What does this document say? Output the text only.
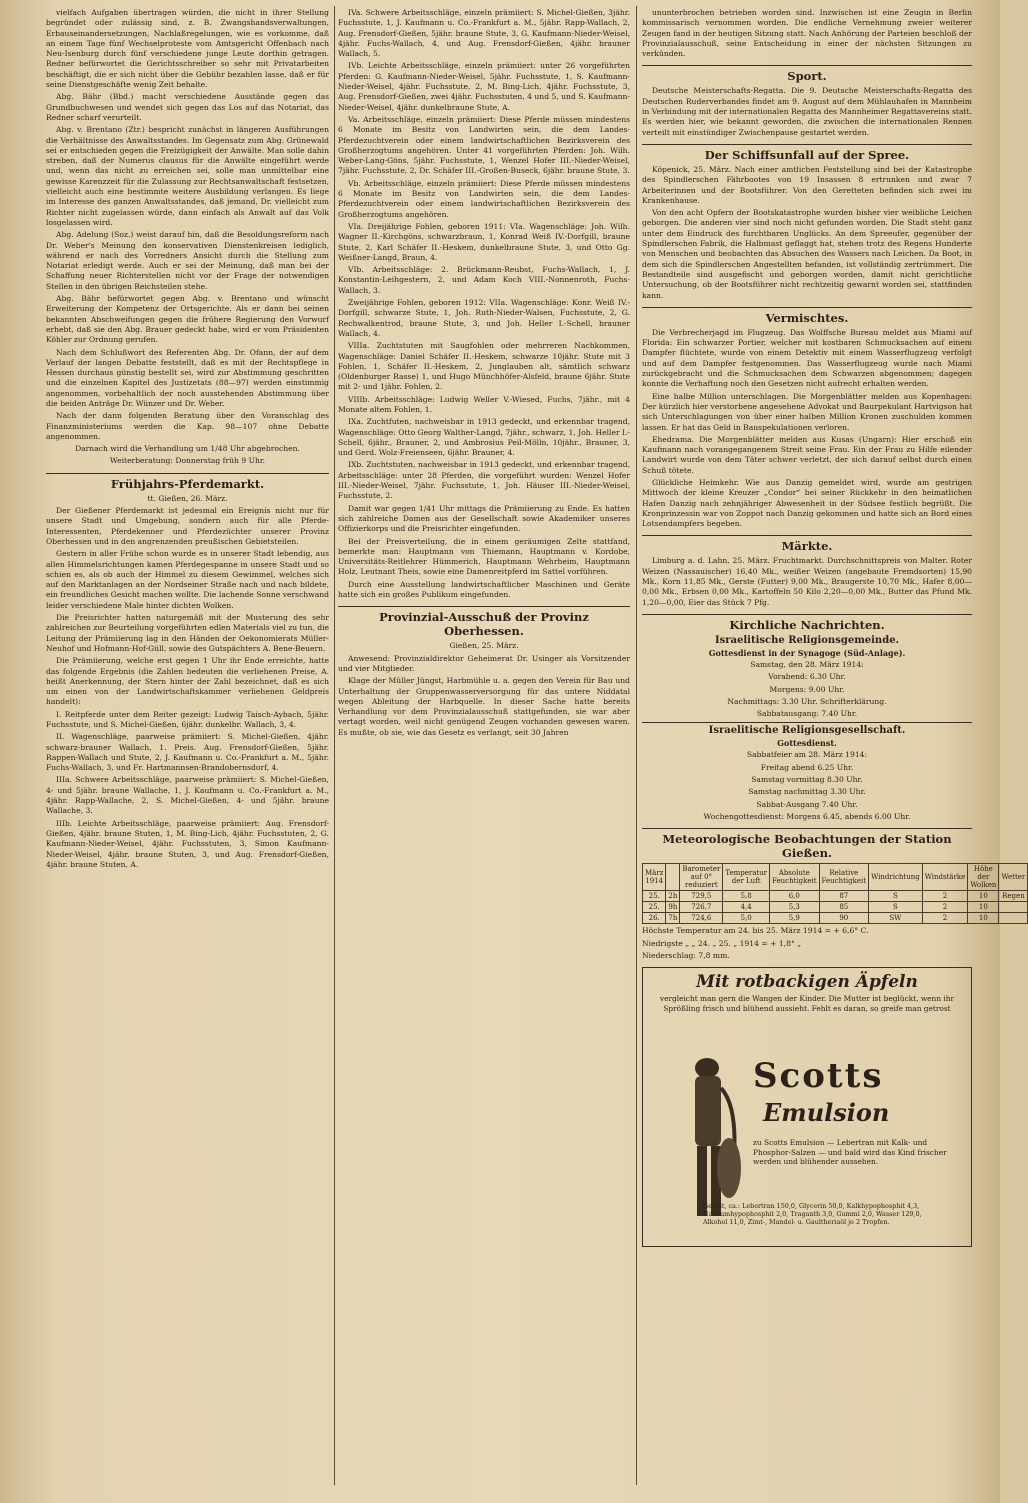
vielfach Aufgaben übertragen würden, die nicht in ihrer Stellung begründet oder zulässig sind, z. B. Zwangshandsverwaltungen, Erbauseinandersetzungen, Nachlaßregelungen, wie es vorkomme, daß an einem Tage fünf Wechselproteste vom Amtsgericht Offenbach nach Neu-Isenburg durch fünf verschiedene junge Leute dorthin getragen. Redner befürwortet die Gerichtsschreiber so sehr mit Privatarbeiten beschäftigt, die er sich nicht über die Gebühr bezahlen lasse, daß er für seine Dienstgeschäfte wenig Zeit behalte.

Abg. Bähr (Bbd.) macht verschiedene Ausstände gegen das Grundbuchwesen und wendet sich gegen das Los auf das Notariat, das Redner scharf verurteilt.

Abg. v. Brentano (Ztr.) bespricht zunächst in längeren Ausführungen die Verhältnisse des Anwaltsstandes. Im Gegensatz zum Abg. Grünewald sei er entschieden gegen die Freizügigkeit der Anwälte. Man solle dahin streben, daß der Numerus clausus für die Anwälte eingeführt werde und, wenn das nicht zu erreichen sei, solle man unmittelbar eine gewisse Karenzzeit für die Zulassung zur Rechtsanwaltschaft festsetzen, vielleicht auch eine bestimmte weitere Ausbildung verlangen. Es liege im Interesse des ganzen Anwaltsstandes, daß jemand, Dr. vielleicht zum Richter nicht zugelassen würde, dann einfach als Anwalt auf das Volk losgelassen wird.

Abg. Adelung (Soz.) weist darauf hin, daß die Besoldungsreform nach Dr. Weber's Meinung den konservativen Dienstenkreisen lediglich, während er nach des Vorredners Ansicht durch die Stellung zum Notariat erledigt werde. Auch er sei der Meinung, daß man bei der Schaffung neuer Richterstellen nicht vor der Frage der notwendigen Stellen in den übrigen Reichsteilen stehe.

Abg. Bähr befürwortet gegen Abg. v. Brentano und wünscht Erweiterung der Kompetenz der Ortsgerichte. Als er dann bei seinen bekannten Abschweifungen gegen die frühere Regierung den Vorwurf erhebt, daß sie den Abg. Brauer gedeckt habe, wird er vom Präsidenten Köhler zur Ordnung gerufen.

Nach dem Schlußwort des Referenten Abg. Dr. Ofann, der auf dem Verlauf der langen Debatte feststellt, daß es mit der Rechtspflege in Hessen durchaus günstig bestellt sei, wird zur Abstimmung geschritten und die einzelnen Kapitel des Justizetats (88—97) werden einstimmig angenommen, vorbehaltlich der noch ausstehenden Abstimmung über die beiden Anträge Dr. Wünzer und Dr. Weber.

Nach der dann folgenden Beratung über den Voranschlag des Finanzministeriums werden die Kap. 98—107 ohne Debatte angenommen.

Darnach wird die Verhandlung um 1/48 Uhr abgebrochen.

Weiterberatung: Donnerstag früh 9 Uhr.

Frühjahrs-Pferdemarkt.

tt. Gießen, 26. März.

Der Gießener Pferdemarkt ist jedesmal ein Ereignis nicht nur für unsere Stadt und Umgebung, sondern auch für alle Pferde-Interessenten, Pferdekenner und Pferdezüchter unserer Provinz Oberhessen und in den angrenzenden preußischen Gebietsteilen.

Gestern in aller Frühe schon wurde es in unserer Stadt lebendig, aus allen Himmelsrichtungen kamen Pferdegespanne in unsere Stadt und so schien es, als ob auch der Himmel zu diesem Gewimmel, welches sich auf den Marktanlagen an der Nordseiner Straße nach und nach bildete, ein freundliches Gesicht machen wollte. Die lachende Sonne verschwand leider verschiedene Male hinter dichten Wolken.

Die Preisrichter hatten naturgemäß mit der Musterung des sehr zahlreichen zur Beurteilung vorgeführten edlen Materials viel zu tun, die Leitung der Prämiierung lag in den Händen der Oekonomierats Müller-Neuhof und Hofmann-Hof-Güll, sowie des Gutspächters A. Bene-Beuern.

Die Prämiierung, welche erst gegen 1 Uhr ihr Ende erreichte, hatte das folgende Ergebnis (die Zahlen bedeuten die verliehenen Preise, A. heißt Anerkennung, der Stern hinter der Zahl bezeichnet, daß es sich um einen von der Landwirtschaftskammer verliehenen Geldpreis handelt):

I. Reitpferde unter dem Reiter gezeigt: Ludwig Taisch-Aybach, 5jähr. Fuchsstute, und S. Michel-Gießen, 6jähr. dunkelbr. Wallach, 3, 4.

II. Wagenschläge, paarweise prämiiert: S. Michel-Gießen, 4jähr. schwarz-brauner Wallach, 1. Preis. Aug. Frensdorf-Gießen, 5jähr. Rappen-Wallach und Stute, 2, J. Kaufmann u. Co.-Frankfurt a. M., 5jähr. Fuchs-Wallach, 3, und Fr. Hartmannsen-Brandobernsdorf, 4.

IIIa. Schwere Arbeitsschläge, paarweise prämiiert: S. Michel-Gießen, 4- und 5jähr. braune Wallache, 1, J. Kaufmann u. Co.-Frankfurt a. M., 4jähr. Rapp-Wallache, 2, S. Michel-Gießen, 4- und 5jähr. braune Wallache, 3.

IIIb. Leichte Arbeitsschläge, paarweise prämiiert: Aug. Frensdorf-Gießen, 4jähr. braune Stuten, 1, M. Bing-Lich, 4jähr. Fuchsstuten, 2, G. Kaufmann-Nieder-Weisel, 4jähr. Fuchsstuten, 3, Simon Kaufmann-Nieder-Weisel, 4jähr. braune Stuten, 3, und Aug. Frensdorf-Gießen, 4jähr. braune Stuten, A.

IVa. Schwere Arbeitsschläge, einzeln prämiiert: S. Michel-Gießen, 3jähr. Fuchsstute, 1, J. Kaufmann u. Co.-Frankfurt a. M., 5jähr. Rapp-Wallach, 2, Aug. Frensdorf-Gießen, 5jähr. braune Stute, 3, G. Kaufmann-Nieder-Weisel, 4jähr. Fuchs-Wallach, 4, und Aug. Frensdorf-Gießen, 4jähr. brauner Wallach, 5.

IVb. Leichte Arbeitsschläge, einzeln prämiiert: unter 26 vorgeführten Pferden: G. Kaufmann-Nieder-Weisel, 5jähr. Fuchsstute, 1, S. Kaufmann-Nieder-Weisel, 4jähr. Fuchsstute, 2, M. Bing-Lich, 4jähr. Fuchsstute, 3, Aug. Frensdorf-Gießen, zwei 4jähr. Fuchsstuten, 4 und 5, und S. Kaufmann-Nieder-Weisel, 4jähr. dunkelbraune Stute, A.

Va. Arbeitsschläge, einzeln prämiiert: Diese Pferde müssen mindestens 6 Monate im Besitz von Landwirten sein, die dem Landes-Pferdezuchtverein oder einem landwirtschaftlichen Bezirksverein des Großherzogtums angehören. Unter 41 vorgeführten Pferden: Joh. Wilh. Weber-Lang-Göns, 5jähr. Fuchsstute, 1, Wenzel Hofer III.-Nieder-Weisel, 7jähr. Fuchsstute, 2, Dr. Schäfer III.-Großen-Buseck, 6jähr. braune Stute, 3.

Vb. Arbeitsschläge, einzeln prämiiert: Diese Pferde müssen mindestens 6 Monate im Besitz von Landwirten sein, die dem Landes-Pferdezuchtverein oder einem landwirtschaftlichen Bezirksverein des Großherzogtums angehören.

VIa. Dreijährige Fohlen, geboren 1911: VIa. Wagenschläge: Joh. Wilh. Wagner II.-Kirchgöns, schwarzbraun, 1, Konrad Weiß IV.-Dorfgill, braune Stute, 2, Karl Schäfer II.-Heskem, dunkelbraune Stute, 3, und Otto Gg. Weißner-Langd, Braun, 4.

VIb. Arbeitsschläge: 2. Brückmann-Reubst, Fuchs-Wallach, 1, J. Konstantin-Leihgestern, 2, und Adam Koch VIII.-Nonnenroth, Fuchs-Wallach, 3.

Zweijährige Fohlen, geboren 1912: VIIa. Wagenschläge: Konr. Weiß IV.-Dorfgill, schwarze Stute, 1, Joh. Ruth-Nieder-Walsen, Fuchsstute, 2, G. Rechwalkentrod, braune Stute, 3, und Joh. Heller I.-Schell, brauner Wallach, 4.

VIIIa. Zuchtstuten mit Saugfohlen oder mehrreren Nachkommen, Wagenschläge: Daniel Schäfer II.-Heskem, schwarze 10jähr. Stute mit 3 Fohlen, 1, Schäfer II.-Heskem, 2, Junglauben alt, sämtlich schwarz (Oldenburger Rasse) 1, und Hugo Münchhöfer-Alsfeld, braune 6jähr. Stute mit 2- und 1jähr. Fohlen, 2.

VIIIb. Arbeitsschläge: Ludwig Weller V.-Wiesed, Fuchs, 7jähr., mit 4 Monate altem Fohlen, 1.

IXa. Zuchtfuten, nachweisbar in 1913 gedeckt, und erkennbar tragend, Wagenschläge: Otto Georg Walther-Langd, 7jähr., schwarz, 1, Joh. Heller I.-Schell, 6jähr., Brauner, 2, und Ambrosius Peil-Mölln, 10jähr., Brauner, 3, und Gerd. Wolz-Freienseen, 6jähr. Brauner, 4.

IXb. Zuchtstuten, nachweisbar in 1913 gedeckt, und erkennbar tragend, Arbeitsschläge: unter 28 Pferden, die vorgeführt wurden: Wenzel Hofer III.-Nieder-Weisel, 7jähr. Fuchsstute, 1, Joh. Häuser III.-Nieder-Weisel, Fuchsstute, 2.

Damit war gegen 1/41 Uhr mittags die Prämiierung zu Ende. Es hatten sich zahlreiche Damen aus der Gesellschaft sowie Akademiker unseres Offizierkorps und die Preisrichter eingefunden.

Bei der Preisverteilung, die in einem geräumigen Zelte stattfand, bemerkte man: Hauptmann von Thiemann, Hauptmann v. Kordobe, Universitäts-Reitlehrer Hümmerich, Hauptmann Wehrheim, Hauptmann Holz, Leutnant Theis, sowie eine Damenreitpferd im Sattel vorführen.

Durch eine Ausstellung landwirtschaftlicher Maschinen und Geräte hatte sich ein großes Publikum eingefunden.

Provinzial-Ausschuß der Provinz Oberhessen.

Gießen, 25. März.

Anwesend: Provinzialdirektor Geheimerat Dr. Usinger als Vorsitzender und vier Mitglieder.

Klage der Müller Jüngst, Harbmühle u. a. gegen den Verein für Bau und Unterhaltung der Gruppenwasserversorgung für das untere Niddatal wegen Ableitung der Harbquelle. In dieser Sache hatte bereits Verhandlung vor dem Provinzialausschuß stattgefunden, sie war aber vertagt worden, weil nicht genügend Zeugen vorhanden gewesen waren. Es mußte, ob sie, wie das Gesetz es verlangt, seit 30 Jahren

ununterbrochen betrieben worden sind. Inzwischen ist eine Zeugin in Berlin kommissarisch vernommen worden. Die endliche Vernehmung zweier weiterer Zeugen fand in der heutigen Sitzung statt. Nach Anhörung der Parteien beschloß der Provinzialausschuß, seine Entscheidung in einer der nächsten Sitzungen zu verkünden.

Sport.

Deutsche Meisterschafts-Regatta. Die 9. Deutsche Meisterschafts-Regatta des Deutschen Ruderverbandes findet am 9. August auf dem Mühlauhafen in Mannheim in Verbindung mit der internationalen Regatta des Mannheimer Regattavereins statt. Es werden hier, wie bekannt geworden, die zwischen die internationalen Rennen verteilt mit einstündiger Zwischenpause gestartet werden.

Der Schiffsunfall auf der Spree.

Köpenick, 25. März. Nach einer amtlichen Feststellung sind bei der Katastrophe des Spindlerschen Fährbootes von 19 Insassen 8 ertrunken und zwar 7 Arbeiterinnen und der Bootsführer. Von den Geretteten befinden sich zwei im Krankenhause.

Von den acht Opfern der Bootskatastrophe wurden bisher vier weibliche Leichen geborgen. Die anderen vier sind noch nicht gefunden worden. Die Stadt steht ganz unter dem Eindruck des furchtbaren Unglücks. An dem Spreeufer, gegenüber der Spindlerschen Fabrik, die Halbmast geflaggt hat, stehen trotz des Regens Hunderte von Menschen und beobachten das Absuchen des Wassers nach Leichen. Da Boot, in dem sich die Spindlerschen Angestellten befanden, ist vollständig zertrümmert. Die Bestandteile sind ausgefischt und geborgen worden, damit nicht gerichtliche Untersuchung, ob der Bootsführer nicht rechtzeitig gewarnt worden sei, stattfinden kann.

Vermischtes.

Die Verbrecherjagd im Flugzeug. Das Wolffsche Bureau meldet aus Miami auf Florida: Ein schwarzer Portier, welcher mit kostbaren Schmucksachen auf einem Dampfer flüchtete, wurde von einem Detektiv mit einem Wasserflugzeug verfolgt und auf dem Dampfer festgenommen. Das Wasserflugzeug wurde nach Miami zurückgebracht und die Schmucksachen dem Schwarzen abgenommen; dagegen konnte die Verhaftung noch den Gesetzen nicht aufrecht erhalten werden.

Eine halbe Million unterschlagen. Die Morgenblätter melden aus Kopenhagen: Der kürzlich hier verstorbene angesehene Advokat und Baurpekulant Hartvigson hat sich Unterschlagungen von über einer halben Million Kronen zuschulden kommen lassen. Er hat das Geld in Bauspekulationen verloren.

Ehedrama. Die Morgenblätter melden aus Kusas (Ungarn): Hier erschoß ein Kaufmann nach vorangegangenem Streit seine Frau. Ein der Frau zu Hilfe eilender Landwirt wurde von dem Täter schwer verletzt, der sich darauf selbst durch einen Schuß tötete.

Glückliche Heimkehr. Wie aus Danzig gemeldet wird, wurde am gestrigen Mittwoch der kleine Kreuzer „Condor“ bei seiner Rückkehr in den heimatlichen Hafen Danzig nach zehnjähriger Abwesenheit in der Südsee festlich begrüßt. Die Kronprinzessin war von Zoppot nach Danzig gekommen und hatte sich an Bord eines Lotsendampfers begeben.

Märkte.

Limburg a. d. Lahn, 25. März. Fruchtmarkt. Durchschnittspreis von Malter. Roter Weizen (Nassauischer) 16,40 Mk., weißer Weizen (angebaute Fremdsorten) 15,90 Mk., Korn 11,85 Mk., Gerste (Futter) 9,00 Mk., Braugerste 10,70 Mk., Hafer 8,00—0,00 Mk., Erbsen 0,00 Mk., Kartoffeln 50 Kilo 2,20—0,00 Mk., Butter das Pfund Mk. 1,20—0,00, Eier das Stück 7 Pfg.

Kirchliche Nachrichten.
Israelitische Religionsgemeinde.
Gottesdienst in der Synagoge (Süd-Anlage).

Samstag, den 28. März 1914:

Vorabend: 6.30 Uhr.

Morgens: 9.00 Uhr.

Nachmittags: 3.30 Uhr. Schrifterklärung.

Sabbatausgang: 7.40 Uhr.

Israelitische Religionsgesellschaft.
Gottesdienst.

Sabbatfeier am 28. März 1914:

Freitag abend 6.25 Uhr.

Samstag vormittag 8.30 Uhr.

Samstag nachmittag 3.30 Uhr.

Sabbat-Ausgang 7.40 Uhr.

Wochengottesdienst: Morgens 6.45, abends 6.00 Uhr.

Meteorologische Beobachtungen der Station Gießen.
März 1914		Barometer auf 0° reduziert	Temperatur der Luft	Absolute Feuchtigkeit	Relative Feuchtigkeit	Windrichtung	Windstärke	Höhe der Wolken	Wetter
25.	2h	729,5	5,8	6,0	87	S	2	10	Regen
25.	9h	726,7	4,4	5,3	85	S	2	10	
26.	7h	724,6	5,0	5,9	90	SW	2	10	

Höchste Temperatur am 24. bis 25. März 1914 = + 6,6° C.

Niedrigste „ „ 24. „ 25. „ 1914 = + 1,8° „

Niederschlag: 7,8 mm.

Mit rotbackigen Äpfeln
vergleicht man gern die Wangen der Kinder. Die Mutter ist beglückt, wenn ihr Sprößling frisch und blühend aussieht. Fehlt es daran, so greife man getrost
Scotts
Emulsion
zu Scotts Emulsion — Lebertran mit Kalk- und Phosphor-Salzen — und bald wird das Kind frischer werden und blühender aussehen.
Gehalt, ca.: Lebertran 150,0, Glycerin 50,0, Kalkhypophosphit 4,3, Natriumhypophosphit 2,0, Traganth 3,0, Gummi 2,0, Wasser 129,0, Alkohol 11,0, Zimt-, Mandel- u. Gaultheriaöl je 2 Tropfen.
